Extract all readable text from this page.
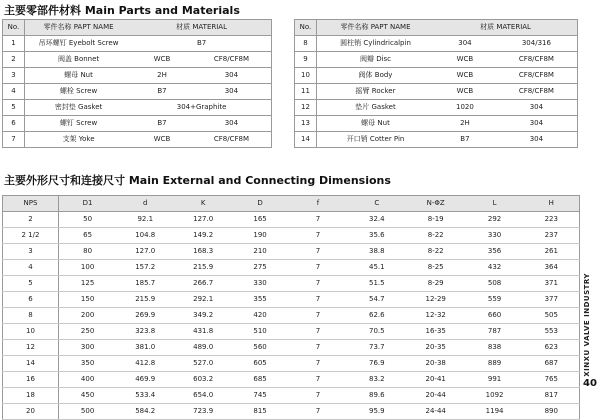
主要零部件材料 Main Parts and Materials
No.	零件名称 PAPT NAME	材质 MATERIAL	
1	吊环螺钉 Eyebolt Screw	B7	
2	阀盖 Bonnet	WCB	CF8/CF8M
3	螺母 Nut	2H	304
4	螺栓 Screw	B7	304
5	密封垫 Gasket	304+Graphite	
6	螺钉 Screw	B7	304
7	支架 Yoke	WCB	CF8/CF8M
No.	零件名称 PAPT NAME	材质 MATERIAL	
8	圆柱销 Cylindricalpin	304	304/316
9	阀瓣 Disc	WCB	CF8/CF8M
10	阀体 Body	WCB	CF8/CF8M
11	摇臂 Rocker	WCB	CF8/CF8M
12	垫片 Gasket	1020	304
13	螺母 Nut	2H	304
14	开口销 Cotter Pin	B7	304
主要外形尺寸和连接尺寸 Main External and Connecting Dimensions
NPS	D1	d	K	D	f	C	N-ΦZ	L	H
2	50	92.1	127.0	165	7	32.4	8-19	292	223
2 1/2	65	104.8	149.2	190	7	35.6	8-22	330	237
3	80	127.0	168.3	210	7	38.8	8-22	356	261
4	100	157.2	215.9	275	7	45.1	8-25	432	364
5	125	185.7	266.7	330	7	51.5	8-29	508	371
6	150	215.9	292.1	355	7	54.7	12-29	559	377
8	200	269.9	349.2	420	7	62.6	12-32	660	505
10	250	323.8	431.8	510	7	70.5	16-35	787	553
12	300	381.0	489.0	560	7	73.7	20-35	838	623
14	350	412.8	527.0	605	7	76.9	20-38	889	687
16	400	469.9	603.2	685	7	83.2	20-41	991	765
18	450	533.4	654.0	745	7	89.6	20-44	1092	817
20	500	584.2	723.9	815	7	95.9	24-44	1194	890
XINXU VALVE INDUSTRY
40
